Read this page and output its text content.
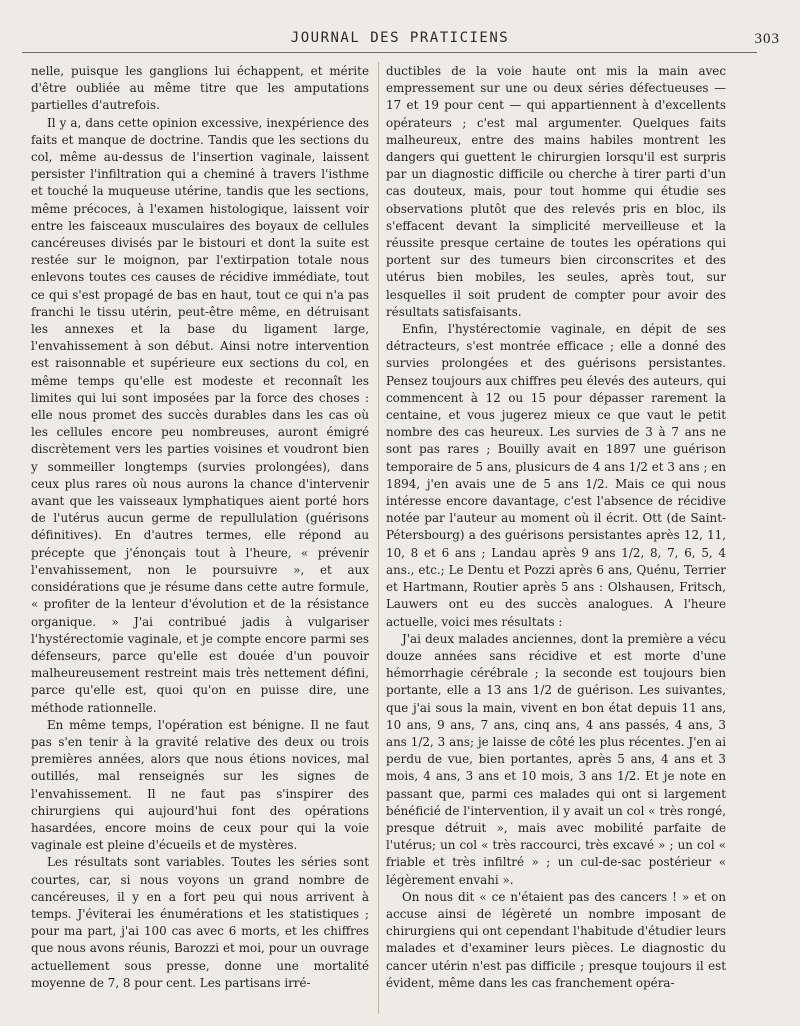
JOURNAL DES PRATICIENS	303

nelle, puisque les ganglions lui échappent, et mérite d'être oubliée au même titre que les amputations partielles d'autrefois.

Il y a, dans cette opinion excessive, inexpérience des faits et manque de doctrine. Tandis que les sections du col, même au-dessus de l'insertion vaginale, laissent persister l'infiltration qui a cheminé à travers l'isthme et touché la muqueuse utérine, tandis que les sections, même précoces, à l'examen histologique, laissent voir entre les faisceaux musculaires des boyaux de cellules cancéreuses divisés par le bistouri et dont la suite est restée sur le moignon, par l'extirpation totale nous enlevons toutes ces causes de récidive immédiate, tout ce qui s'est propagé de bas en haut, tout ce qui n'a pas franchi le tissu utérin, peut-être même, en détruisant les annexes et la base du ligament large, l'envahissement à son début. Ainsi notre intervention est raisonnable et supérieure eux sections du col, en même temps qu'elle est modeste et reconnaît les limites qui lui sont imposées par la force des choses : elle nous promet des succès durables dans les cas où les cellules encore peu nombreuses, auront émigré discrètement vers les parties voisines et voudront bien y sommeiller longtemps (survies prolongées), dans ceux plus rares où nous aurons la chance d'intervenir avant que les vaisseaux lymphatiques aient porté hors de l'utérus aucun germe de repullulation (guérisons définitives). En d'autres termes, elle répond au précepte que j'énonçais tout à l'heure, « prévenir l'envahissement, non le poursuivre », et aux considérations que je résume dans cette autre formule, « profiter de la lenteur d'évolution et de la résistance organique. » J'ai contribué jadis à vulgariser l'hystérectomie vaginale, et je compte encore parmi ses défenseurs, parce qu'elle est douée d'un pouvoir malheureusement restreint mais très nettement défini, parce qu'elle est, quoi qu'on en puisse dire, une méthode rationnelle.

En même temps, l'opération est bénigne. Il ne faut pas s'en tenir à la gravité relative des deux ou trois premières années, alors que nous étions novices, mal outillés, mal renseignés sur les signes de l'envahissement. Il ne faut pas s'inspirer des chirurgiens qui aujourd'hui font des opérations hasardées, encore moins de ceux pour qui la voie vaginale est pleine d'écueils et de mystères.

Les résultats sont variables. Toutes les séries sont courtes, car, si nous voyons un grand nombre de cancéreuses, il y en a fort peu qui nous arrivent à temps. J'éviterai les énumérations et les statistiques ; pour ma part, j'ai 100 cas avec 6 morts, et les chiffres que nous avons réunis, Barozzi et moi, pour un ouvrage actuellement sous presse, donne une mortalité moyenne de 7, 8 pour cent. Les partisans irré-

ductibles de la voie haute ont mis la main avec empressement sur une ou deux séries défectueuses — 17 et 19 pour cent — qui appartiennent à d'excellents opérateurs ; c'est mal argumenter. Quelques faits malheureux, entre des mains habiles montrent les dangers qui guettent le chirurgien lorsqu'il est surpris par un diagnostic difficile ou cherche à tirer parti d'un cas douteux, mais, pour tout homme qui étudie ses observations plutôt que des relevés pris en bloc, ils s'effacent devant la simplicité merveilleuse et la réussite presque certaine de toutes les opérations qui portent sur des tumeurs bien circonscrites et des utérus bien mobiles, les seules, après tout, sur lesquelles il soit prudent de compter pour avoir des résultats satisfaisants.

Enfin, l'hystérectomie vaginale, en dépit de ses détracteurs, s'est montrée efficace ; elle a donné des survies prolongées et des guérisons persistantes. Pensez toujours aux chiffres peu élevés des auteurs, qui commencent à 12 ou 15 pour dépasser rarement la centaine, et vous jugerez mieux ce que vaut le petit nombre des cas heureux. Les survies de 3 à 7 ans ne sont pas rares ; Bouilly avait en 1897 une guérison temporaire de 5 ans, plusicurs de 4 ans 1/2 et 3 ans ; en 1894, j'en avais une de 5 ans 1/2. Mais ce qui nous intéresse encore davantage, c'est l'absence de récidive notée par l'auteur au moment où il écrit. Ott (de Saint-Pétersbourg) a des guérisons persistantes après 12, 11, 10, 8 et 6 ans ; Landau après 9 ans 1/2, 8, 7, 6, 5, 4 ans., etc.; Le Dentu et Pozzi après 6 ans, Quénu, Terrier et Hartmann, Routier après 5 ans : Olshausen, Fritsch, Lauwers ont eu des succès analogues. A l'heure actuelle, voici mes résultats :

J'ai deux malades anciennes, dont la première a vécu douze années sans récidive et est morte d'une hémorrhagie cérébrale ; la seconde est toujours bien portante, elle a 13 ans 1/2 de guérison. Les suivantes, que j'ai sous la main, vivent en bon état depuis 11 ans, 10 ans, 9 ans, 7 ans, cinq ans, 4 ans passés, 4 ans, 3 ans 1/2, 3 ans; je laisse de côté les plus récentes. J'en ai perdu de vue, bien portantes, après 5 ans, 4 ans et 3 mois, 4 ans, 3 ans et 10 mois, 3 ans 1/2. Et je note en passant que, parmi ces malades qui ont si largement bénéficié de l'intervention, il y avait un col « très rongé, presque détruit », mais avec mobilité parfaite de l'utérus; un col « très raccourci, très excavé » ; un col « friable et très infiltré » ; un cul-de-sac postérieur « légèrement envahi ».

On nous dit « ce n'étaient pas des cancers ! » et on accuse ainsi de légèreté un nombre imposant de chirurgiens qui ont cependant l'habitude d'étudier leurs malades et d'examiner leurs pièces. Le diagnostic du cancer utérin n'est pas difficile ; presque toujours il est évident, même dans les cas franchement opéra-
